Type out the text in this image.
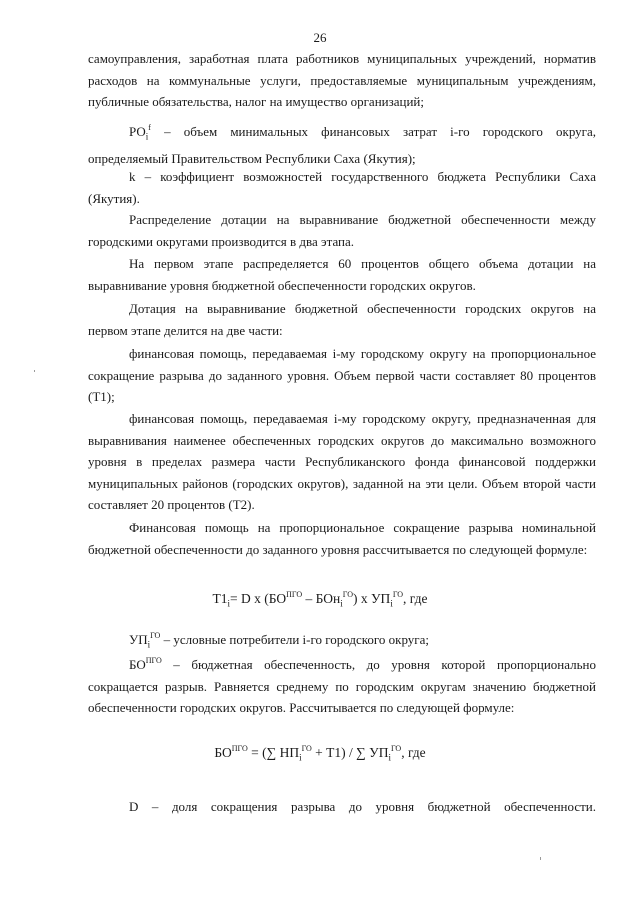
26
самоуправления, заработная плата работников муниципальных учреждений, норматив
расходов на коммунальные услуги, предоставляемые муниципальным учреждениям,
публичные обязательства, налог на имущество организаций;
$РО_i^f$ – объем минимальных финансовых затрат i-го городского округа,
определяемый Правительством Республики Саха (Якутия);
k – коэффициент возможностей государственного бюджета Республики Саха
(Якутия).
Распределение дотации на выравнивание бюджетной обеспеченности между
городскими округами производится в два этапа.
На первом этапе распределяется 60 процентов общего объема дотации на
выравнивание уровня бюджетной обеспеченности городских округов.
Дотация на выравнивание бюджетной обеспеченности городских округов на
первом этапе делится на две части:
финансовая помощь, передаваемая i-му городскому округу на пропорциональное
сокращение разрыва до заданного уровня. Объем первой части составляет 80 процентов
(Т1);
финансовая помощь, передаваемая i-му городскому округу, предназначенная для
выравнивания наименее обеспеченных городских округов до максимально возможного
уровня в пределах размера части Республиканского фонда финансовой поддержки
муниципальных районов (городских округов), заданной на эти цели. Объем второй части
составляет 20 процентов (Т2).
Финансовая помощь на пропорциональное сокращение разрыва номинальной
бюджетной обеспеченности до заданного уровня рассчитывается по следующей формуле:
$Т1_i= D$ x $(БО^{ПГО} - БОн_i^{ГО})$ x $УП_i^{ГО}$, где
$УП_i^{ГО}$ – условные потребители i-го городского округа;
$БО^{ПГО}$ – бюджетная обеспеченность, до уровня которой пропорционально
сокращается разрыв. Равняется среднему по городским округам значению бюджетной
обеспеченности городских округов. Рассчитывается по следующей формуле:
$БО^{ПГО}$ = (∑ $НП_i^{ГО} + Т1$) / ∑ $УП_i^{ГО}$, где
D – доля сокращения разрыва до уровня бюджетной обеспеченности.
